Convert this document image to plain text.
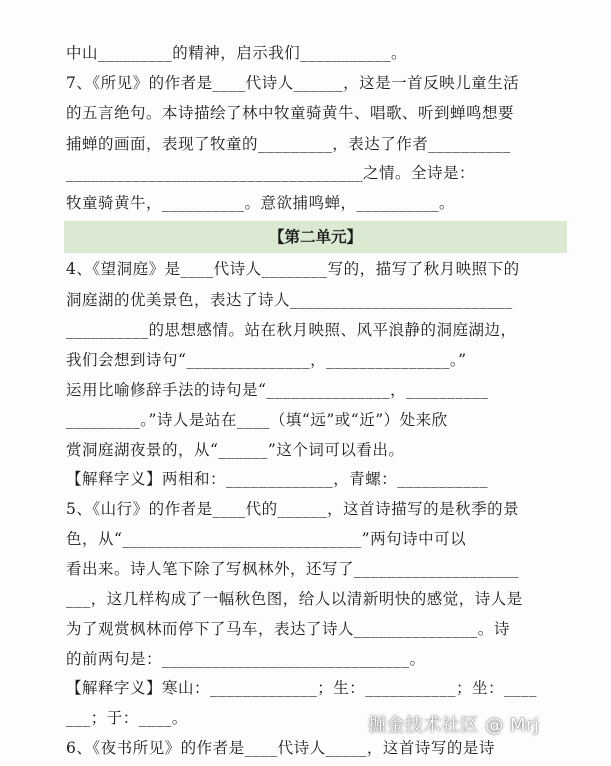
中山_________的精神，启示我们___________。
7、《所见》的作者是____代诗人______，这是一首反映儿童生活
的五言绝句。本诗描绘了林中牧童骑黄牛、唱歌、听到蝉鸣想要
捕蝉的画面，表现了牧童的_________，表达了作者__________
____________________________________之情。全诗是：
牧童骑黄牛，__________。意欲捕鸣蝉，__________。
【第二单元】
4、《望洞庭》是____代诗人________写的，描写了秋月映照下的
洞庭湖的优美景色，表达了诗人___________________________
__________的思想感情。站在秋月映照、风平浪静的洞庭湖边，
我们会想到诗句“_______________，_______________。”
运用比喻修辞手法的诗句是“_______________，__________
_________。”诗人是站在____（填“远”或“近”）处来欣
赏洞庭湖夜景的，从“______”这个词可以看出。
【解释字义】两相和：_____________，青螺：___________
5、《山行》的作者是____代的______，这首诗描写的是秋季的景
色，从“_____________________________”两句诗中可以
看出来。诗人笔下除了写枫林外，还写了____________________
___，这几样构成了一幅秋色图，给人以清新明快的感觉，诗人是
为了观赏枫林而停下了马车，表达了诗人_______________。诗
的前两句是：______________________________。
【解释字义】寒山：_____________；生：___________；坐：____
___；于：____。
6、《夜书所见》的作者是____代诗人_____，这首诗写的是诗
掘金技术社区 @ Mrj
